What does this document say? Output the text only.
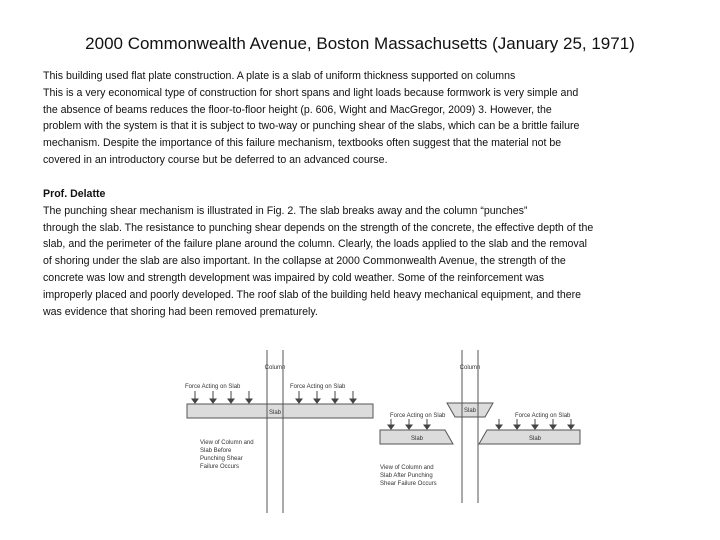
2000 Commonwealth Avenue, Boston Massachusetts (January 25, 1971)
This building used flat plate construction. A plate is a slab of uniform thickness supported on columns
This is a very economical type of construction for short spans and light loads because formwork is very simple and
the absence of beams reduces the floor-to-floor height (p. 606, Wight and MacGregor, 2009) 3. However, the
problem with the system is that it is subject to two-way or punching shear of the slabs, which can be a brittle failure
mechanism. Despite the importance of this failure mechanism, textbooks often suggest that the material not be
covered in an introductory course but be deferred to an advanced course.
Prof. Delatte
The punching shear mechanism is illustrated in Fig. 2. The slab breaks away and the column “punches”
through the slab. The resistance to punching shear depends on the strength of the concrete, the effective depth of the
slab, and the perimeter of the failure plane around the column. Clearly, the loads applied to the slab and the removal
of shoring under the slab are also important. In the collapse at 2000 Commonwealth Avenue, the strength of the
concrete was low and strength development was impaired by cold weather. Some of the reinforcement was
improperly placed and poorly developed. The roof slab of the building held heavy mechanical equipment, and there
was evidence that shoring had been removed prematurely.
Column
Slab
Force Acting on Slab	Force Acting on Slab
View of Column and
Slab Before
Punching Shear
Failure Occurs
Column
Slab
Slab	Slab
Force Acting on Slab	Force Acting on Slab
View of Column and
Slab After Punching
Shear Failure Occurs
